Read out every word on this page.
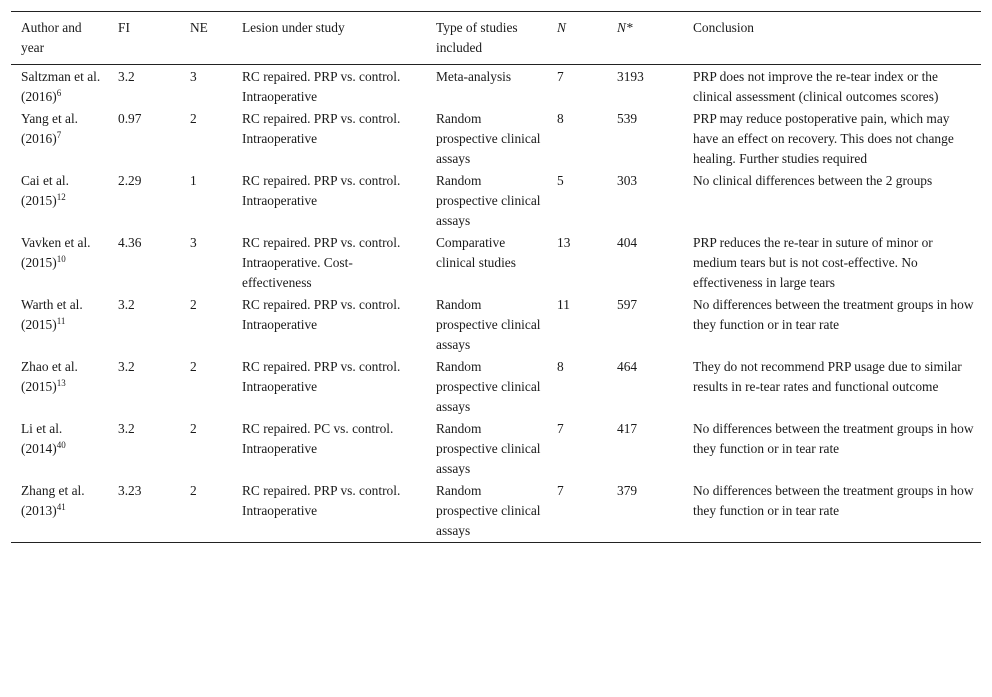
Author and year	FI	NE	Lesion under study	Type of studies included	N	N*	Conclusion
Saltzman et al. $(2016)^6$	3.2	3	RC repaired. PRP vs. control. Intraoperative	Meta-analysis	7	3193	PRP does not improve the re-tear index or the clinical assessment (clinical outcomes scores)
Yang et al. $(2016)^7$	0.97	2	RC repaired. PRP vs. control. Intraoperative	Random prospective clinical assays	8	539	PRP may reduce postoperative pain, which may have an effect on recovery. This does not change healing. Further studies required
Cai et al. $(2015)^{12}$	2.29	1	RC repaired. PRP vs. control. Intraoperative	Random prospective clinical assays	5	303	No clinical differences between the 2 groups
Vavken et al. $(2015)^{10}$	4.36	3	RC repaired. PRP vs. control. Intraoperative. Cost-effectiveness	Comparative clinical studies	13	404	PRP reduces the re-tear in suture of minor or medium tears but is not cost-effective. No effectiveness in large tears
Warth et al. $(2015)^{11}$	3.2	2	RC repaired. PRP vs. control. Intraoperative	Random prospective clinical assays	11	597	No differences between the treatment groups in how they function or in tear rate
Zhao et al. $(2015)^{13}$	3.2	2	RC repaired. PRP vs. control. Intraoperative	Random prospective clinical assays	8	464	They do not recommend PRP usage due to similar results in re-tear rates and functional outcome
Li et al. $(2014)^{40}$	3.2	2	RC repaired. PC vs. control. Intraoperative	Random prospective clinical assays	7	417	No differences between the treatment groups in how they function or in tear rate
Zhang et al. $(2013)^{41}$	3.23	2	RC repaired. PRP vs. control. Intraoperative	Random prospective clinical assays	7	379	No differences between the treatment groups in how they function or in tear rate
